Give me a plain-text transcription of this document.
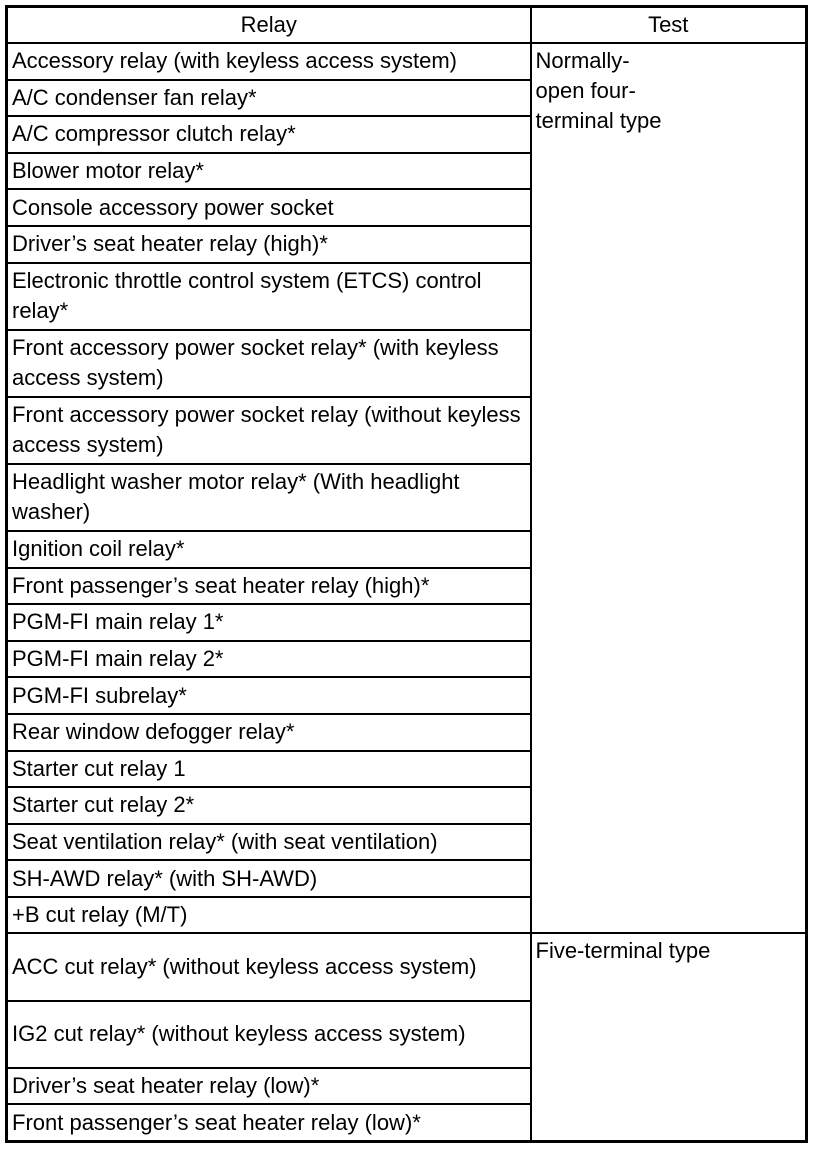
Relay	Test
Accessory relay (with keyless access system)	Normally-
open four-
terminal type

A/C condenser fan relay*	
A/C compressor clutch relay*	
Blower motor relay*	
Console accessory power socket	
Driver’s seat heater relay (high)*	
Electronic throttle control system (ETCS) control relay*	
Front accessory power socket relay* (with keyless access system)	
Front accessory power socket relay (without keyless access system)	
Headlight washer motor relay* (With headlight washer)	
Ignition coil relay*	
Front passenger’s seat heater relay (high)*	
PGM-FI main relay 1*	
PGM-FI main relay 2*	
PGM-FI subrelay*	
Rear window defogger relay*	
Starter cut relay 1	
Starter cut relay 2*	
Seat ventilation relay* (with seat ventilation)	
SH-AWD relay* (with SH-AWD)	
+B cut relay (M/T)	
ACC cut relay* (without keyless access system)	Five-terminal type

IG2 cut relay* (without keyless access system)	
Driver’s seat heater relay (low)*	
Front passenger’s seat heater relay (low)*	
